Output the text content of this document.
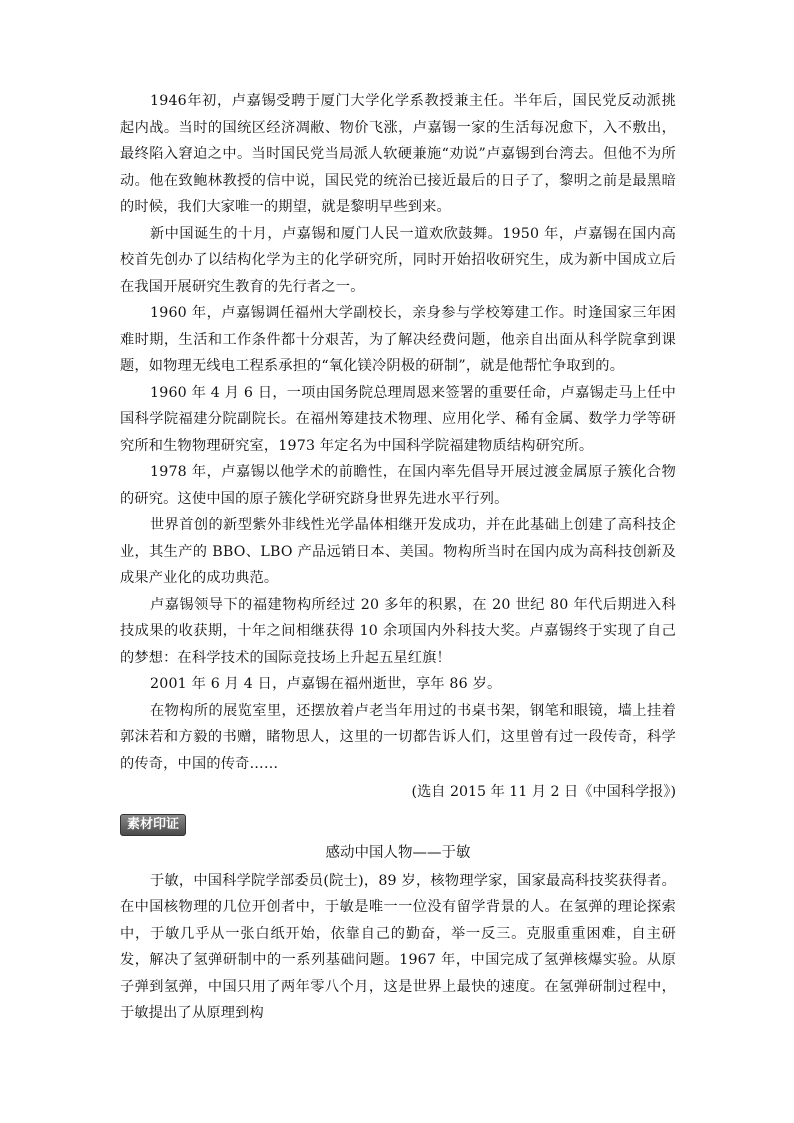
1946年初，卢嘉锡受聘于厦门大学化学系教授兼主任。半年后，国民党反动派挑起内战。当时的国统区经济凋敝、物价飞涨，卢嘉锡一家的生活每况愈下，入不敷出，最终陷入窘迫之中。当时国民党当局派人软硬兼施“劝说”卢嘉锡到台湾去。但他不为所动。他在致鲍林教授的信中说，国民党的统治已接近最后的日子了，黎明之前是最黑暗的时候，我们大家唯一的期望，就是黎明早些到来。

新中国诞生的十月，卢嘉锡和厦门人民一道欢欣鼓舞。1950 年，卢嘉锡在国内高校首先创办了以结构化学为主的化学研究所，同时开始招收研究生，成为新中国成立后在我国开展研究生教育的先行者之一。

1960 年，卢嘉锡调任福州大学副校长，亲身参与学校筹建工作。时逢国家三年困难时期，生活和工作条件都十分艰苦，为了解决经费问题，他亲自出面从科学院拿到课题，如物理无线电工程系承担的“氧化镁冷阴极的研制”，就是他帮忙争取到的。

1960 年 4 月 6 日，一项由国务院总理周恩来签署的重要任命，卢嘉锡走马上任中国科学院福建分院副院长。在福州筹建技术物理、应用化学、稀有金属、数学力学等研究所和生物物理研究室，1973 年定名为中国科学院福建物质结构研究所。

1978 年，卢嘉锡以他学术的前瞻性，在国内率先倡导开展过渡金属原子簇化合物的研究。这使中国的原子簇化学研究跻身世界先进水平行列。

世界首创的新型紫外非线性光学晶体相继开发成功，并在此基础上创建了高科技企业，其生产的 BBO、LBO 产品远销日本、美国。物构所当时在国内成为高科技创新及成果产业化的成功典范。

卢嘉锡领导下的福建物构所经过 20 多年的积累，在 20 世纪 80 年代后期进入科技成果的收获期，十年之间相继获得 10 余项国内外科技大奖。卢嘉锡终于实现了自己的梦想：在科学技术的国际竞技场上升起五星红旗！

2001 年 6 月 4 日，卢嘉锡在福州逝世，享年 86 岁。

在物构所的展览室里，还摆放着卢老当年用过的书桌书架，钢笔和眼镜，墙上挂着郭沫若和方毅的书赠，睹物思人，这里的一切都告诉人们，这里曾有过一段传奇，科学的传奇，中国的传奇……

(选自 2015 年 11 月 2 日《中国科学报》)

素材印证

感动中国人物——于敏

于敏，中国科学院学部委员(院士)，89 岁，核物理学家，国家最高科技奖获得者。在中国核物理的几位开创者中，于敏是唯一一位没有留学背景的人。在氢弹的理论探索中，于敏几乎从一张白纸开始，依靠自己的勤奋，举一反三。克服重重困难，自主研发，解决了氢弹研制中的一系列基础问题。1967 年，中国完成了氢弹核爆实验。从原子弹到氢弹，中国只用了两年零八个月，这是世界上最快的速度。在氢弹研制过程中，于敏提出了从原理到构
